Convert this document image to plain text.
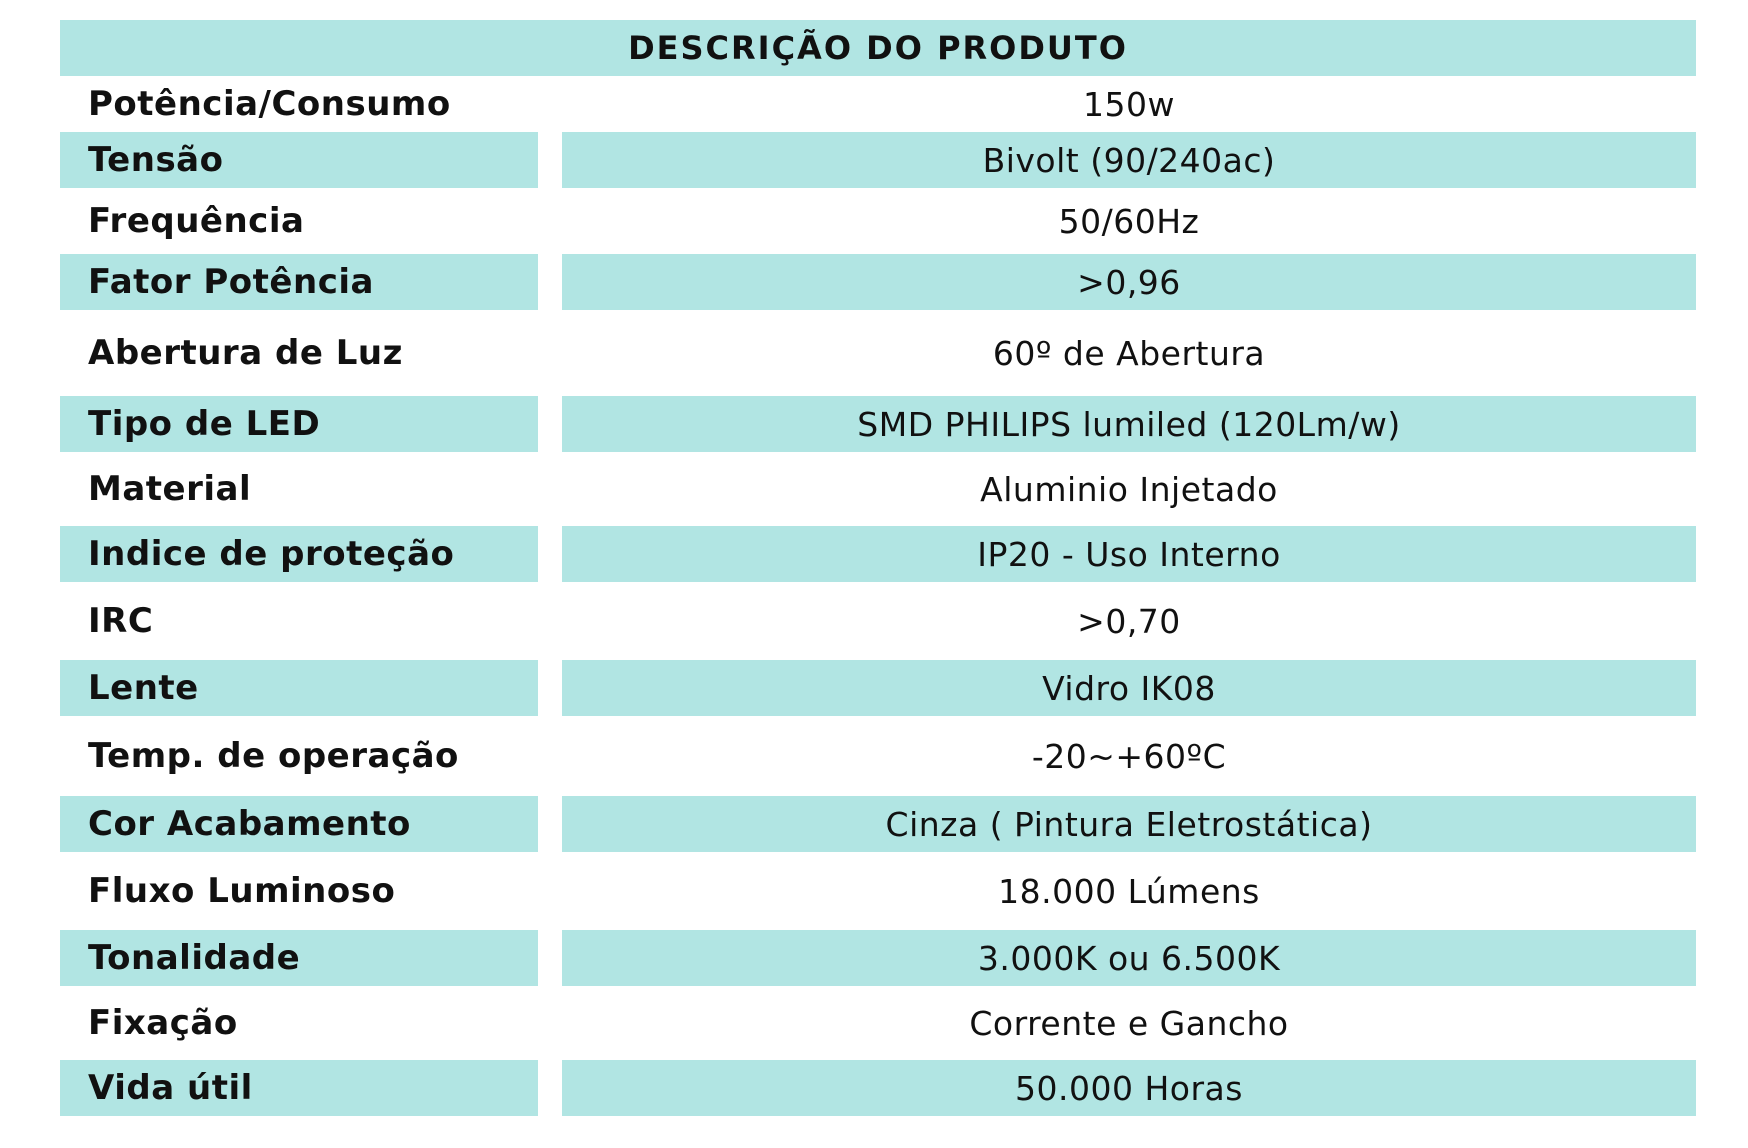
DESCRIÇÃO DO PRODUTO
Potência/Consumo	150w
Tensão	Bivolt (90/240ac)
Frequência	50/60Hz
Fator Potência	>0,96
Abertura de Luz	60º de Abertura
Tipo de LED	SMD PHILIPS lumiled (120Lm/w)
Material	Aluminio Injetado
Indice de proteção	IP20 - Uso Interno
IRC	>0,70
Lente	Vidro IK08
Temp. de operação	-20~+60ºC
Cor Acabamento	Cinza ( Pintura Eletrostática)
Fluxo Luminoso	18.000 Lúmens
Tonalidade	3.000K ou 6.500K
Fixação	Corrente e Gancho
Vida útil	50.000 Horas
